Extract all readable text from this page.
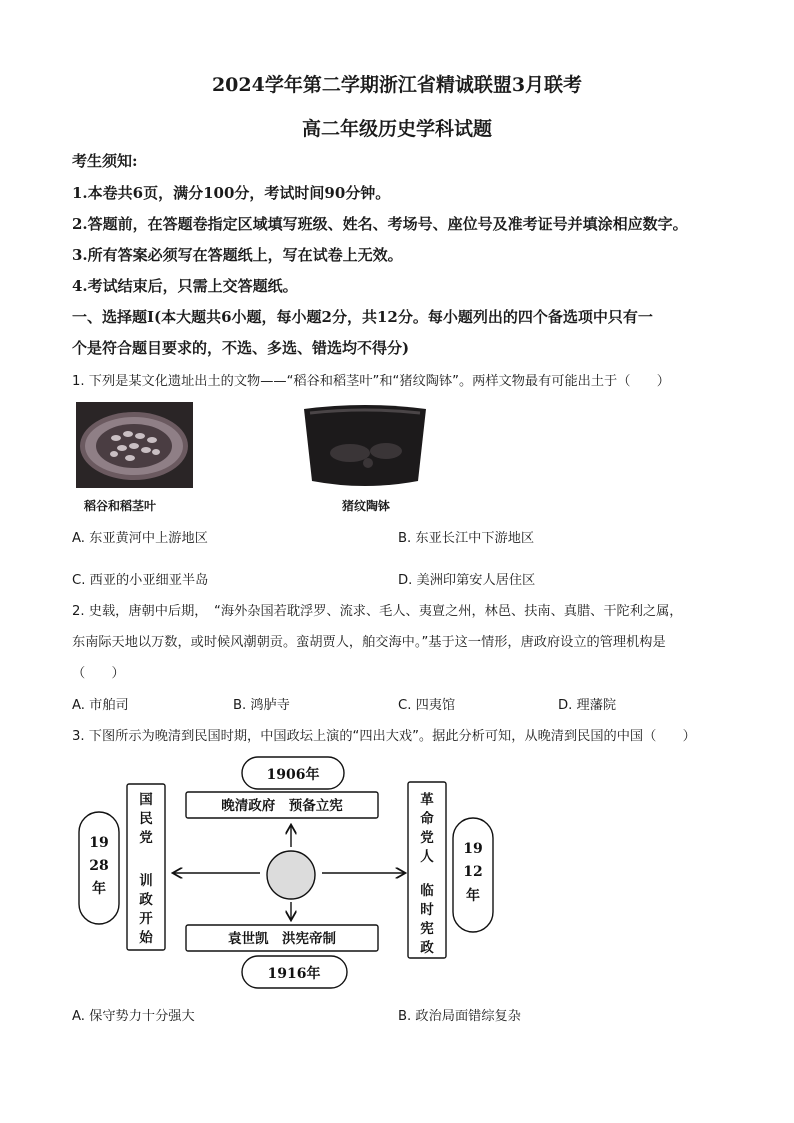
2024学年第二学期浙江省精诚联盟3月联考
高二年级历史学科试题
考生须知:
1.本卷共6页，满分100分，考试时间90分钟。
2.答题前，在答题卷指定区域填写班级、姓名、考场号、座位号及准考证号并填涂相应数字。
3.所有答案必须写在答题纸上，写在试卷上无效。
4.考试结束后，只需上交答题纸。
一、选择题Ⅰ(本大题共6小题，每小题2分，共12分。每小题列出的四个备选项中只有一
个是符合题目要求的，不选、多选、错选均不得分)
1. 下列是某文化遗址出土的文物——“稻谷和稻茎叶”和“猪纹陶钵”。两样文物最有可能出土于（　　）
稻谷和稻茎叶	猪纹陶钵
A. 东亚黄河中上游地区	B. 东亚长江中下游地区
C. 西亚的小亚细亚半岛	D. 美洲印第安人居住区
2. 史载，唐朝中后期，　“海外杂国若耽浮罗、流求、毛人、夷亶之州，林邑、扶南、真腊、干陀利之属，
东南际天地以万数，或时候风潮朝贡。蛮胡贾人，舶交海中。”基于这一情形，唐政府设立的管理机构是
（　　）
A. 市舶司	B. 鸿胪寺	C. 四夷馆	D. 理藩院
3. 下图所示为晚清到民国时期，中国政坛上演的“四出大戏”。据此分析可知，从晚清到民国的中国（　　）
1906年
晚清政府　预备立宪
袁世凯　洪宪帝制
1916年
19
28
年
国
民
党
训
政
开
始
革
命
党
人
临
时
宪
政
19
12
年
A. 保守势力十分强大	B. 政治局面错综复杂
